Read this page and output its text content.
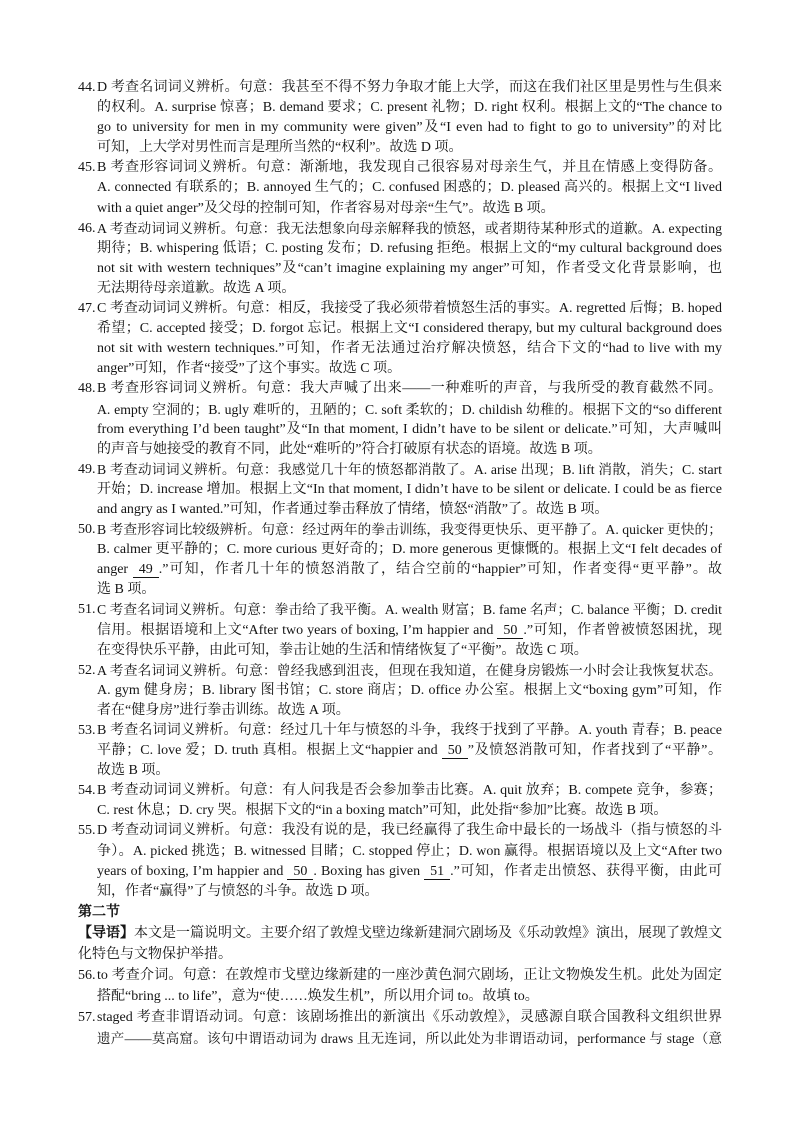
44. D 考查名词词义辨析。句意：我甚至不得不努力争取才能上大学，而这在我们社区里是男性与生俱来
的权利。A. surprise 惊喜；B. demand 要求；C. present 礼物；D. right 权利。根据上文的“The chance to
go to university for men in my community were given”及“I even had to fight to go to university”的对比
可知，上大学对男性而言是理所当然的“权利”。故选 D 项。
45. B 考查形容词词义辨析。句意：渐渐地，我发现自己很容易对母亲生气，并且在情感上变得防备。
A. connected 有联系的；B. annoyed 生气的；C. confused 困惑的；D. pleased 高兴的。根据上文“I lived
with a quiet anger”及父母的控制可知，作者容易对母亲“生气”。故选 B 项。
46. A 考查动词词义辨析。句意：我无法想象向母亲解释我的愤怒，或者期待某种形式的道歉。A. expecting
期待；B. whispering 低语；C. posting 发布；D. refusing 拒绝。根据上文的“my cultural background does
not sit with western techniques”及“can’t imagine explaining my anger”可知，作者受文化背景影响，也
无法期待母亲道歉。故选 A 项。
47. C 考查动词词义辨析。句意：相反，我接受了我必须带着愤怒生活的事实。A. regretted 后悔；B. hoped
希望；C. accepted 接受；D. forgot 忘记。根据上文“I considered therapy, but my cultural background does
not sit with western techniques.”可知，作者无法通过治疗解决愤怒，结合下文的“had to live with my
anger”可知，作者“接受”了这个事实。故选 C 项。
48. B 考查形容词词义辨析。句意：我大声喊了出来——一种难听的声音，与我所受的教育截然不同。
A. empty 空洞的；B. ugly 难听的，丑陋的；C. soft 柔软的；D. childish 幼稚的。根据下文的“so different
from everything I’d been taught”及“In that moment, I didn’t have to be silent or delicate.”可知，大声喊叫
的声音与她接受的教育不同，此处“难听的”符合打破原有状态的语境。故选 B 项。
49. B 考查动词词义辨析。句意：我感觉几十年的愤怒都消散了。A. arise 出现；B. lift 消散，消失；C. start
开始；D. increase 增加。根据上文“In that moment, I didn’t have to be silent or delicate. I could be as fierce
and angry as I wanted.”可知，作者通过拳击释放了情绪，愤怒“消散”了。故选 B 项。
50. B 考查形容词比较级辨析。句意：经过两年的拳击训练，我变得更快乐、更平静了。A. quicker 更快的；
B. calmer 更平静的；C. more curious 更好奇的；D. more generous 更慷慨的。根据上文“I felt decades of
anger 49 .”可知，作者几十年的愤怒消散了，结合空前的“happier”可知，作者变得“更平静”。故
选 B 项。
51. C 考查名词词义辨析。句意：拳击给了我平衡。A. wealth 财富；B. fame 名声；C. balance 平衡；D. credit
信用。根据语境和上文“After two years of boxing, I’m happier and 50 .”可知，作者曾被愤怒困扰，现
在变得快乐平静，由此可知，拳击让她的生活和情绪恢复了“平衡”。故选 C 项。
52. A 考查名词词义辨析。句意：曾经我感到沮丧，但现在我知道，在健身房锻炼一小时会让我恢复状态。
A. gym 健身房；B. library 图书馆；C. store 商店；D. office 办公室。根据上文“boxing gym”可知，作
者在“健身房”进行拳击训练。故选 A 项。
53. B 考查名词词义辨析。句意：经过几十年与愤怒的斗争，我终于找到了平静。A. youth 青春；B. peace
平静；C. love 爱；D. truth 真相。根据上文“happier and 50 ”及愤怒消散可知，作者找到了“平静”。
故选 B 项。
54. B 考查动词词义辨析。句意：有人问我是否会参加拳击比赛。A. quit 放弃；B. compete 竞争，参赛；
C. rest 休息；D. cry 哭。根据下文的“in a boxing match”可知，此处指“参加”比赛。故选 B 项。
55. D 考查动词词义辨析。句意：我没有说的是，我已经赢得了我生命中最长的一场战斗（指与愤怒的斗
争）。A. picked 挑选；B. witnessed 目睹；C. stopped 停止；D. won 赢得。根据语境以及上文“After two
years of boxing, I’m happier and 50 . Boxing has given 51 .”可知，作者走出愤怒、获得平衡，由此可
知，作者“赢得”了与愤怒的斗争。故选 D 项。
第二节
【导语】本文是一篇说明文。主要介绍了敦煌戈壁边缘新建洞穴剧场及《乐动敦煌》演出，展现了敦煌文
化特色与文物保护举措。
56. to 考查介词。句意：在敦煌市戈壁边缘新建的一座沙黄色洞穴剧场，正让文物焕发生机。此处为固定
搭配“bring ... to life”，意为“使……焕发生机”，所以用介词 to。故填 to。
57. staged 考查非谓语动词。句意：该剧场推出的新演出《乐动敦煌》，灵感源自联合国教科文组织世界
遗产——莫高窟。该句中谓语动词为 draws 且无连词，所以此处为非谓语动词，performance 与 stage（意
